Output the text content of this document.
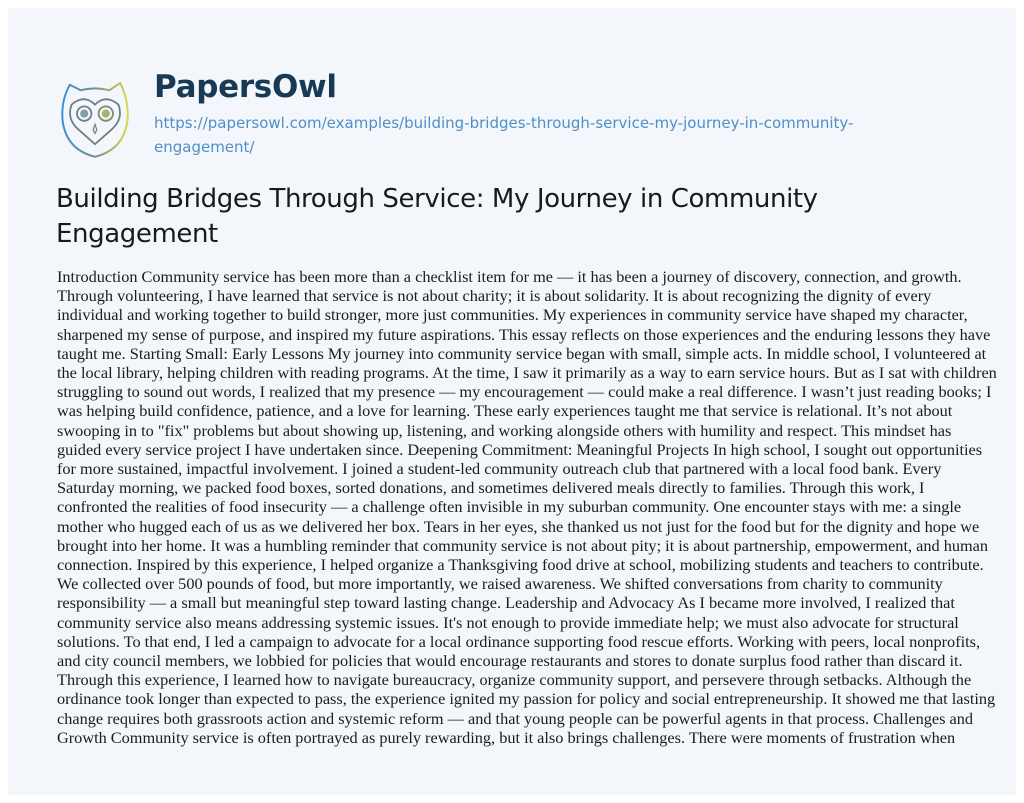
PapersOwl
https://papersowl.com/examples/building-bridges-through-service-my-journey-in-community-engagement/
Building Bridges Through Service: My Journey in Community Engagement
Introduction Community service has been more than a checklist item for me — it has been a journey of discovery, connection, and growth. Through volunteering, I have learned that service is not about charity; it is about solidarity. It is about recognizing the dignity of every individual and working together to build stronger, more just communities. My experiences in community service have shaped my character, sharpened my sense of purpose, and inspired my future aspirations. This essay reflects on those experiences and the enduring lessons they have taught me. Starting Small: Early Lessons My journey into community service began with small, simple acts. In middle school, I volunteered at the local library, helping children with reading programs. At the time, I saw it primarily as a way to earn service hours. But as I sat with children struggling to sound out words, I realized that my presence — my encouragement — could make a real difference. I wasn’t just reading books; I was helping build confidence, patience, and a love for learning. These early experiences taught me that service is relational. It’s not about swooping in to "fix" problems but about showing up, listening, and working alongside others with humility and respect. This mindset has guided every service project I have undertaken since. Deepening Commitment: Meaningful Projects In high school, I sought out opportunities for more sustained, impactful involvement. I joined a student-led community outreach club that partnered with a local food bank. Every Saturday morning, we packed food boxes, sorted donations, and sometimes delivered meals directly to families. Through this work, I confronted the realities of food insecurity — a challenge often invisible in my suburban community. One encounter stays with me: a single mother who hugged each of us as we delivered her box. Tears in her eyes, she thanked us not just for the food but for the dignity and hope we brought into her home. It was a humbling reminder that community service is not about pity; it is about partnership, empowerment, and human connection. Inspired by this experience, I helped organize a Thanksgiving food drive at school, mobilizing students and teachers to contribute. We collected over 500 pounds of food, but more importantly, we raised awareness. We shifted conversations from charity to community responsibility — a small but meaningful step toward lasting change. Leadership and Advocacy As I became more involved, I realized that community service also means addressing systemic issues. It's not enough to provide immediate help; we must also advocate for structural solutions. To that end, I led a campaign to advocate for a local ordinance supporting food rescue efforts. Working with peers, local nonprofits, and city council members, we lobbied for policies that would encourage restaurants and stores to donate surplus food rather than discard it. Through this experience, I learned how to navigate bureaucracy, organize community support, and persevere through setbacks. Although the ordinance took longer than expected to pass, the experience ignited my passion for policy and social entrepreneurship. It showed me that lasting change requires both grassroots action and systemic reform — and that young people can be powerful agents in that process. Challenges and Growth Community service is often portrayed as purely rewarding, but it also brings challenges. There were moments of frustration when
